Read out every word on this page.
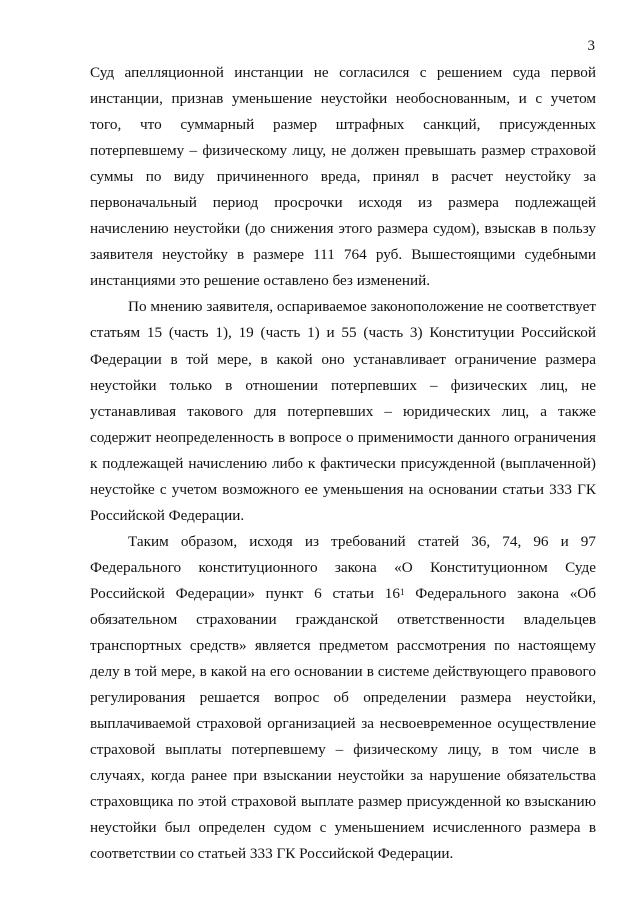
3

Суд апелляционной инстанции не согласился с решением суда первой инстанции, признав уменьшение неустойки необоснованным, и с учетом того, что суммарный размер штрафных санкций, присужденных потерпевшему – физическому лицу, не должен превышать размер страховой суммы по виду причиненного вреда, принял в расчет неустойку за первоначальный период просрочки исходя из размера подлежащей начислению неустойки (до снижения этого размера судом), взыскав в пользу заявителя неустойку в размере 111 764 руб. Вышестоящими судебными инстанциями это решение оставлено без изменений.

По мнению заявителя, оспариваемое законоположение не соответствует статьям 15 (часть 1), 19 (часть 1) и 55 (часть 3) Конституции Российской Федерации в той мере, в какой оно устанавливает ограничение размера неустойки только в отношении потерпевших – физических лиц, не устанавливая такового для потерпевших – юридических лиц, а также содержит неопределенность в вопросе о применимости данного ограничения к подлежащей начислению либо к фактически присужденной (выплаченной) неустойке с учетом возможного ее уменьшения на основании статьи 333 ГК Российской Федерации.

Таким образом, исходя из требований статей 36, 74, 96 и 97 Федерального конституционного закона «О Конституционном Суде Российской Федерации» пункт 6 статьи $16^1$ Федерального закона «Об обязательном страховании гражданской ответственности владельцев транспортных средств» является предметом рассмотрения по настоящему делу в той мере, в какой на его основании в системе действующего правового регулирования решается вопрос об определении размера неустойки, выплачиваемой страховой организацией за несвоевременное осуществление страховой выплаты потерпевшему – физическому лицу, в том числе в случаях, когда ранее при взыскании неустойки за нарушение обязательства страховщика по этой страховой выплате размер присужденной ко взысканию неустойки был определен судом с уменьшением исчисленного размера в соответствии со статьей 333 ГК Российской Федерации.
